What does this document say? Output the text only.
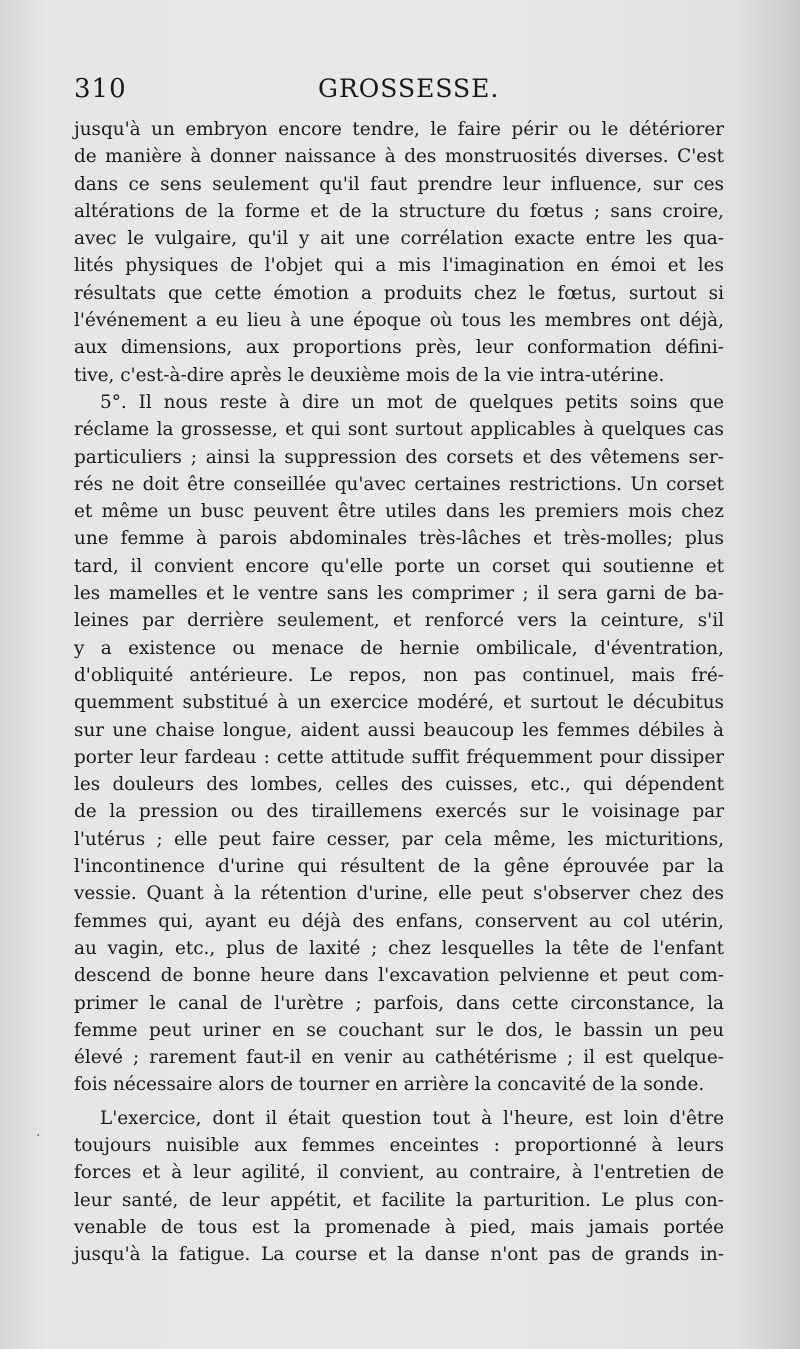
310	GROSSESSE.
jusqu'à un embryon encore tendre, le faire périr ou le détériorer
de manière à donner naissance à des monstruosités diverses. C'est
dans ce sens seulement qu'il faut prendre leur influence, sur ces
altérations de la forme et de la structure du fœtus ; sans croire,
avec le vulgaire, qu'il y ait une corrélation exacte entre les qua-
lités physiques de l'objet qui a mis l'imagination en émoi et les
résultats que cette émotion a produits chez le fœtus, surtout si
l'événement a eu lieu à une époque où tous les membres ont déjà,
aux dimensions, aux proportions près, leur conformation défini-
tive, c'est-à-dire après le deuxième mois de la vie intra-utérine.
5°. Il nous reste à dire un mot de quelques petits soins que
réclame la grossesse, et qui sont surtout applicables à quelques cas
particuliers ; ainsi la suppression des corsets et des vêtemens ser-
rés ne doit être conseillée qu'avec certaines restrictions. Un corset
et même un busc peuvent être utiles dans les premiers mois chez
une femme à parois abdominales très-lâches et très-molles; plus
tard, il convient encore qu'elle porte un corset qui soutienne et
les mamelles et le ventre sans les comprimer ; il sera garni de ba-
leines par derrière seulement, et renforcé vers la ceinture, s'il
y a existence ou menace de hernie ombilicale, d'éventration,
d'obliquité antérieure. Le repos, non pas continuel, mais fré-
quemment substitué à un exercice modéré, et surtout le décubitus
sur une chaise longue, aident aussi beaucoup les femmes débiles à
porter leur fardeau : cette attitude suffit fréquemment pour dissiper
les douleurs des lombes, celles des cuisses, etc., qui dépendent
de la pression ou des tiraillemens exercés sur le voisinage par
l'utérus ; elle peut faire cesser, par cela même, les micturitions,
l'incontinence d'urine qui résultent de la gêne éprouvée par la
vessie. Quant à la rétention d'urine, elle peut s'observer chez des
femmes qui, ayant eu déjà des enfans, conservent au col utérin,
au vagin, etc., plus de laxité ; chez lesquelles la tête de l'enfant
descend de bonne heure dans l'excavation pelvienne et peut com-
primer le canal de l'urètre ; parfois, dans cette circonstance, la
femme peut uriner en se couchant sur le dos, le bassin un peu
élevé ; rarement faut-il en venir au cathétérisme ; il est quelque-
fois nécessaire alors de tourner en arrière la concavité de la sonde.
L'exercice, dont il était question tout à l'heure, est loin d'être
toujours nuisible aux femmes enceintes : proportionné à leurs
forces et à leur agilité, il convient, au contraire, à l'entretien de
leur santé, de leur appétit, et facilite la parturition. Le plus con-
venable de tous est la promenade à pied, mais jamais portée
jusqu'à la fatigue. La course et la danse n'ont pas de grands in-
·
